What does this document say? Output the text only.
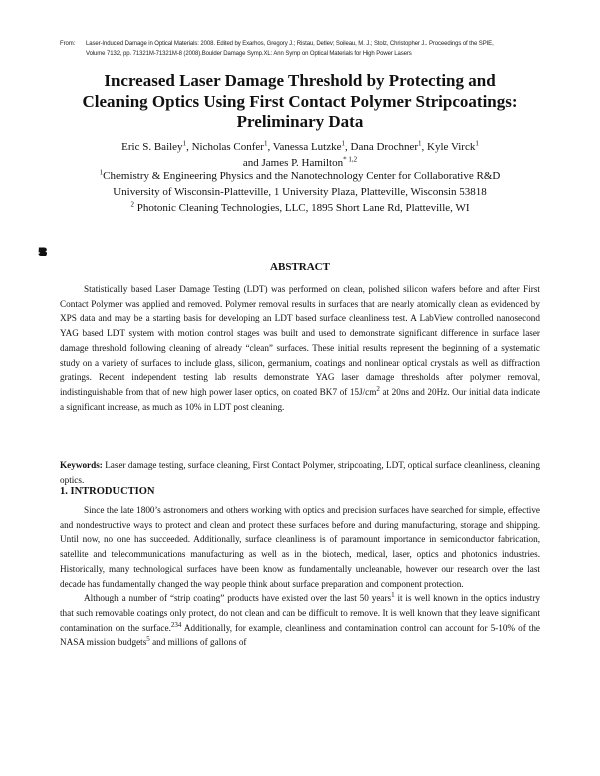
From: Laser-Induced Damage in Optical Materials: 2008. Edited by Exarhos, Gregory J.; Ristau, Detlev; Soileau, M. J.; Stolz, Christopher J.. Proceedings of the SPIE,
Volume 7132, pp. 71321M-71321M-8 (2008).Boulder Damage Symp.XL: Ann Symp on Optical Materials for High Power Lasers
Increased Laser Damage Threshold by Protecting and
Cleaning Optics Using First Contact Polymer Stripcoatings:
Preliminary Data
Eric S. Bailey$^1$, Nicholas Confer$^1$, Vanessa Lutzke$^1$, Dana Drochner$^1$, Kyle Virck$^1$
and James P. Hamilton$^{* 1,2}$
$^1$Chemistry & Engineering Physics and the Nanotechnology Center for Collaborative R&D
University of Wisconsin-Platteville, 1 University Plaza, Platteville, Wisconsin 53818
$^2$ Photonic Cleaning Technologies, LLC, 1895 Short Lane Rd, Platteville, WI
53818
ABSTRACT

Statistically based Laser Damage Testing (LDT) was performed on clean, polished silicon wafers before and after First Contact Polymer was applied and removed. Polymer removal results in surfaces that are nearly atomically clean as evidenced by XPS data and may be a starting basis for developing an LDT based surface cleanliness test. A LabView controlled nanosecond YAG based LDT system with motion control stages was built and used to demonstrate significant difference in surface laser damage threshold following cleaning of already “clean” surfaces. These initial results represent the beginning of a systematic study on a variety of surfaces to include glass, silicon, germanium, coatings and nonlinear optical crystals as well as diffraction gratings. Recent independent testing lab results demonstrate YAG laser damage thresholds after polymer removal, indistinguishable from that of new high power laser optics, on coated BK7 of $15J/cm^2$ at 20ns and 20Hz. Our initial data indicate a significant increase, as much as 10% in LDT post cleaning.

Keywords: Laser damage testing, surface cleaning, First Contact Polymer, stripcoating, LDT, optical surface cleanliness, cleaning optics.

1. INTRODUCTION

Since the late 1800’s astronomers and others working with optics and precision surfaces have searched for simple, effective and nondestructive ways to protect and clean and protect these surfaces before and during manufacturing, storage and shipping. Until now, no one has succeeded. Additionally, surface cleanliness is of paramount importance in semiconductor fabrication, satellite and telecommunications manufacturing as well as in the biotech, medical, laser, optics and photonics industries. Historically, many technological surfaces have been know as fundamentally uncleanable, however our research over the last decade has fundamentally changed the way people think about surface preparation and component protection.

Although a number of “strip coating” products have existed over the last 50 years$^1$ it is well known in the optics industry that such removable coatings only protect, do not clean and can be difficult to remove. It is well known that they leave significant contamination on the surface.$^{234}$ Additionally, for example, cleanliness and contamination control can account for 5-10% of the NASA mission budgets$^5$ and millions of gallons of
